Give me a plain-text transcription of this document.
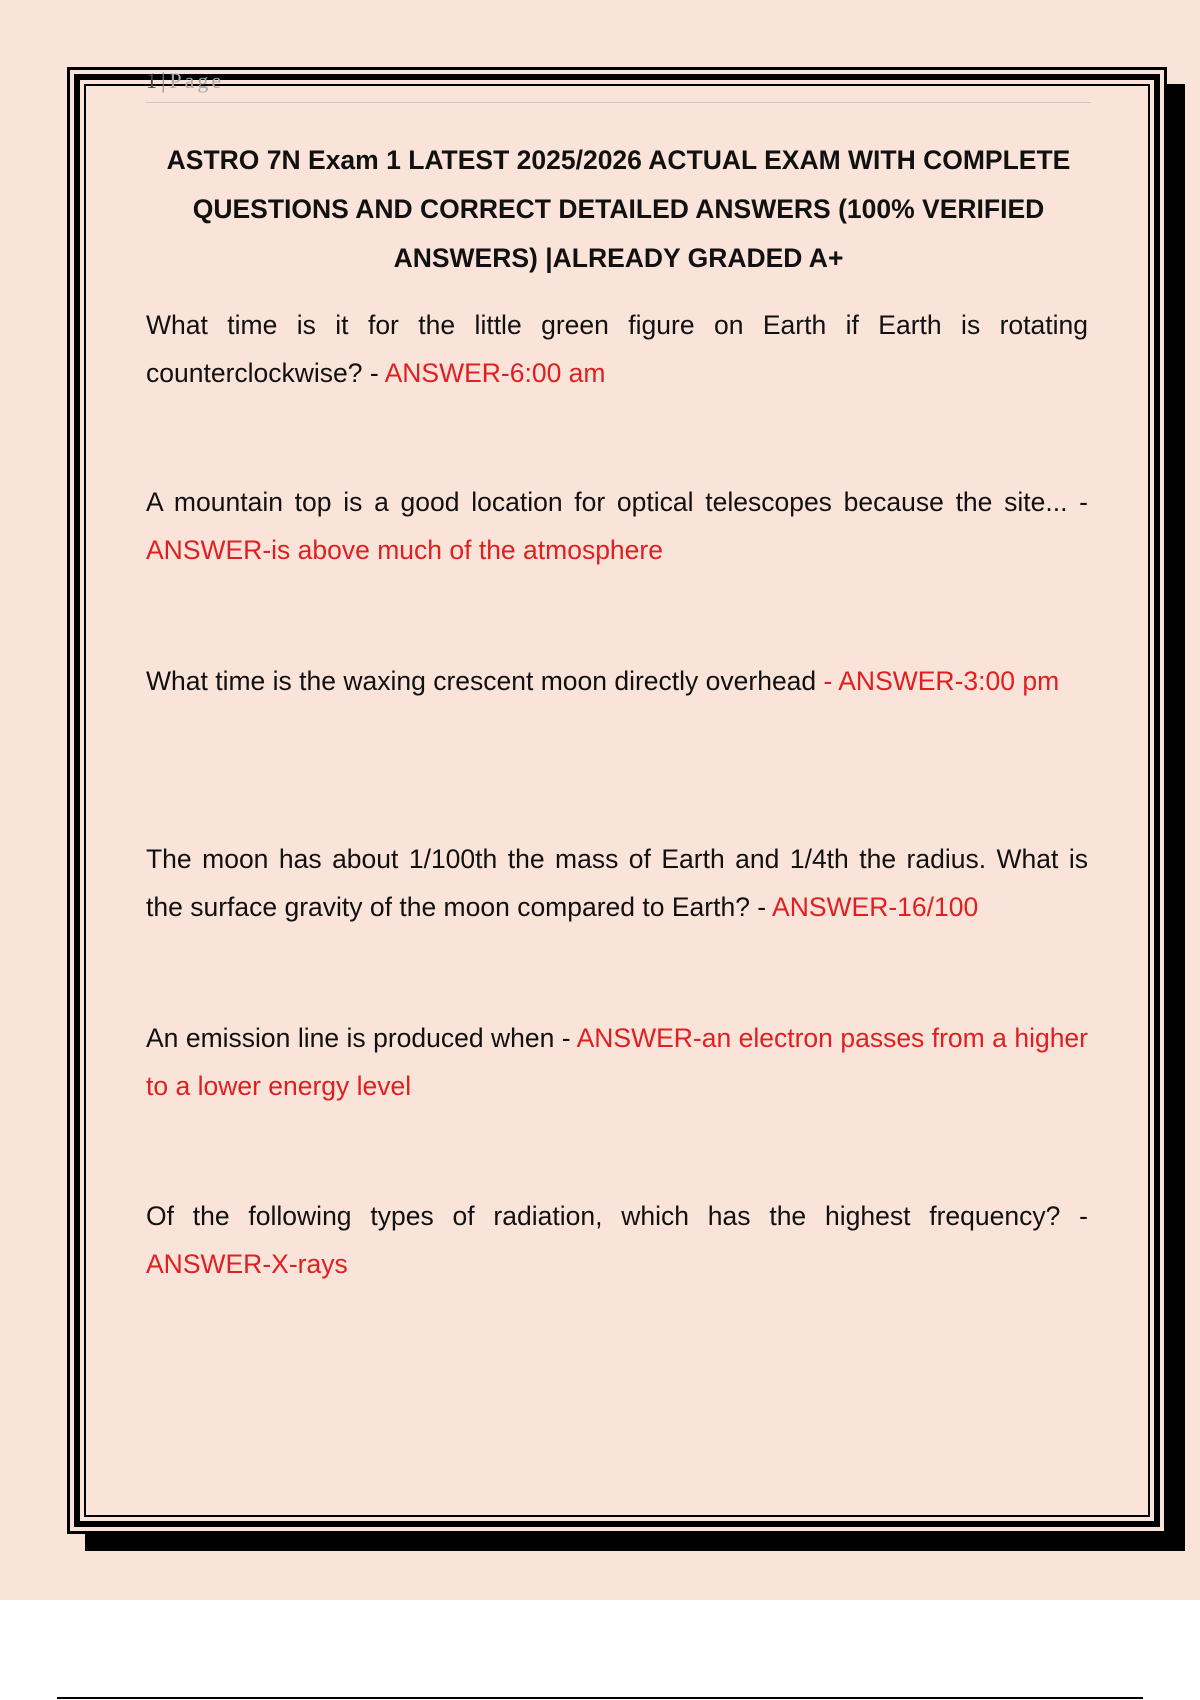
1 | Page
ASTRO 7N Exam 1 LATEST 2025/2026 ACTUAL EXAM WITH COMPLETE QUESTIONS AND CORRECT DETAILED ANSWERS (100% VERIFIED ANSWERS) |ALREADY GRADED A+

What time is it for the little green figure on Earth if Earth is rotating counterclockwise? - ANSWER-6:00 am

A mountain top is a good location for optical telescopes because the site... - ANSWER-is above much of the atmosphere

What time is the waxing crescent moon directly overhead - ANSWER-3:00 pm

The moon has about 1/100th the mass of Earth and 1/4th the radius. What is the surface gravity of the moon compared to Earth? - ANSWER-16/100

An emission line is produced when - ANSWER-an electron passes from a higher to a lower energy level

Of the following types of radiation, which has the highest frequency? - ANSWER-X-rays
